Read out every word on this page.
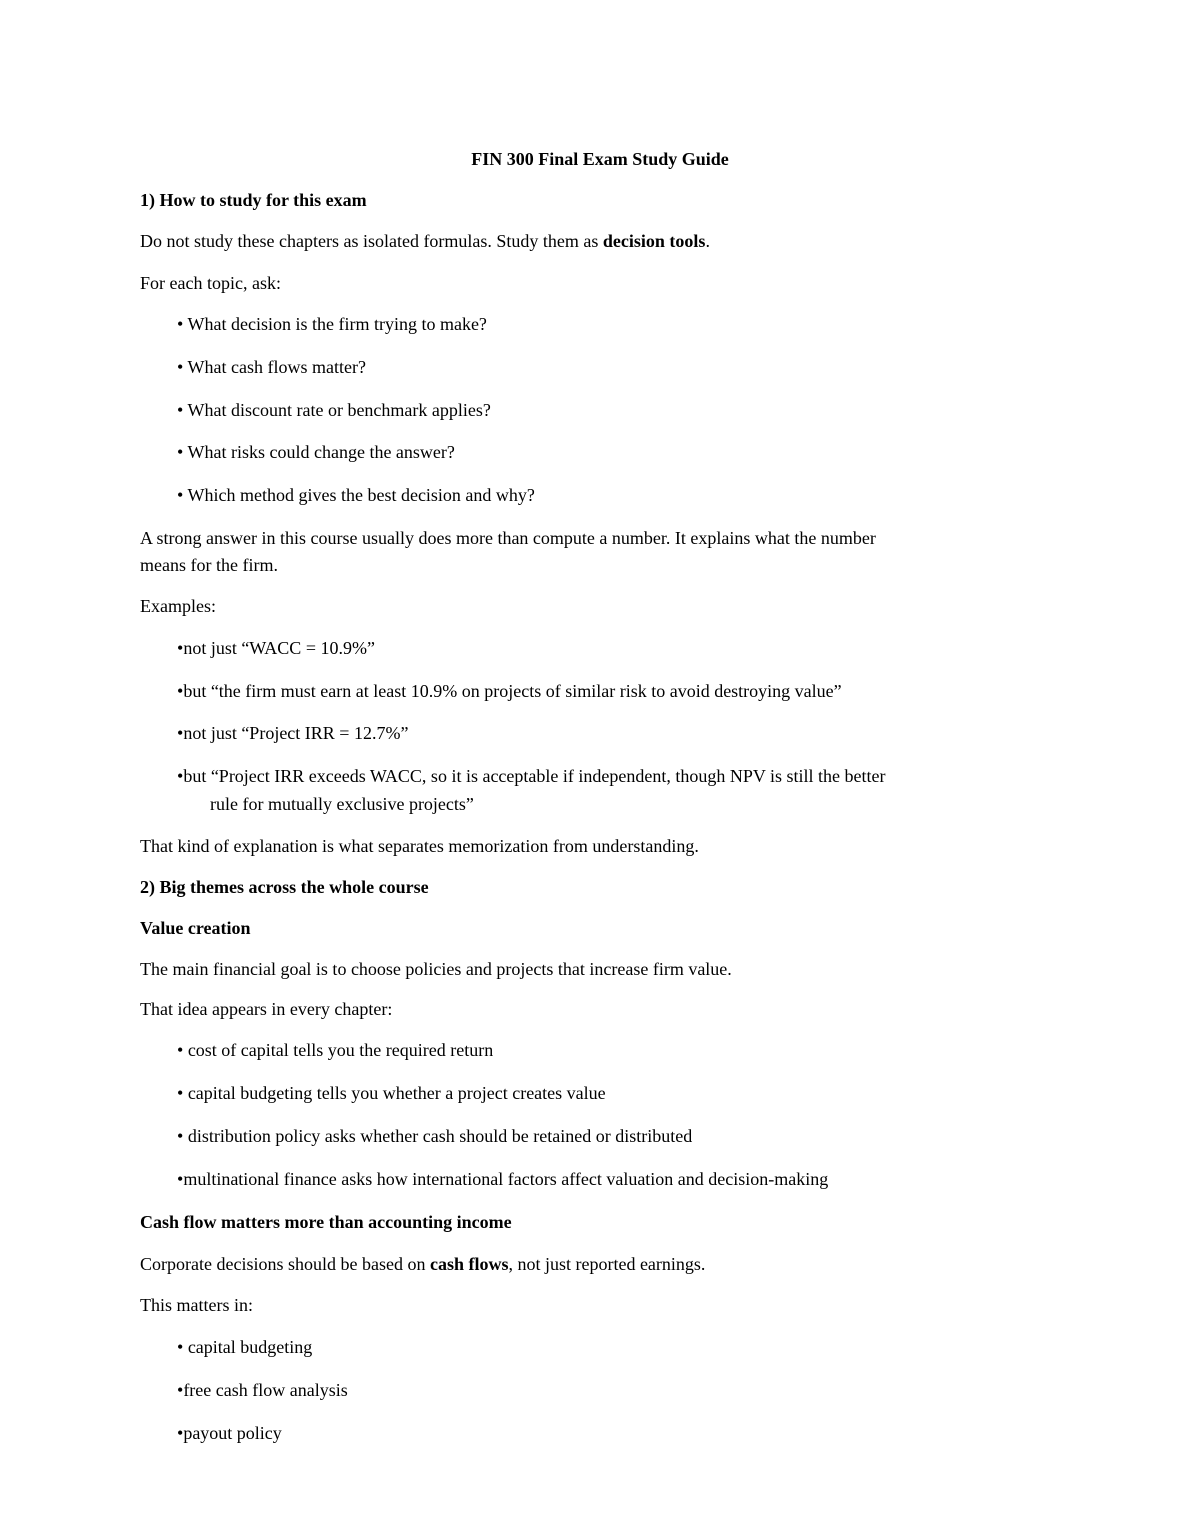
FIN 300 Final Exam Study Guide
1) How to study for this exam
Do not study these chapters as isolated formulas. Study them as decision tools.
For each topic, ask:
• What decision is the firm trying to make?
• What cash flows matter?
• What discount rate or benchmark applies?
• What risks could change the answer?
• Which method gives the best decision and why?
A strong answer in this course usually does more than compute a number. It explains what the number
means for the firm.
Examples:
•not just “WACC = 10.9%”
•but “the firm must earn at least 10.9% on projects of similar risk to avoid destroying value”
•not just “Project IRR = 12.7%”
•but “Project IRR exceeds WACC, so it is acceptable if independent, though NPV is still the better
rule for mutually exclusive projects”
That kind of explanation is what separates memorization from understanding.
2) Big themes across the whole course
Value creation
The main financial goal is to choose policies and projects that increase firm value.
That idea appears in every chapter:
• cost of capital tells you the required return
• capital budgeting tells you whether a project creates value
• distribution policy asks whether cash should be retained or distributed
•multinational finance asks how international factors affect valuation and decision-making
Cash flow matters more than accounting income
Corporate decisions should be based on cash flows, not just reported earnings.
This matters in:
• capital budgeting
•free cash flow analysis
•payout policy
